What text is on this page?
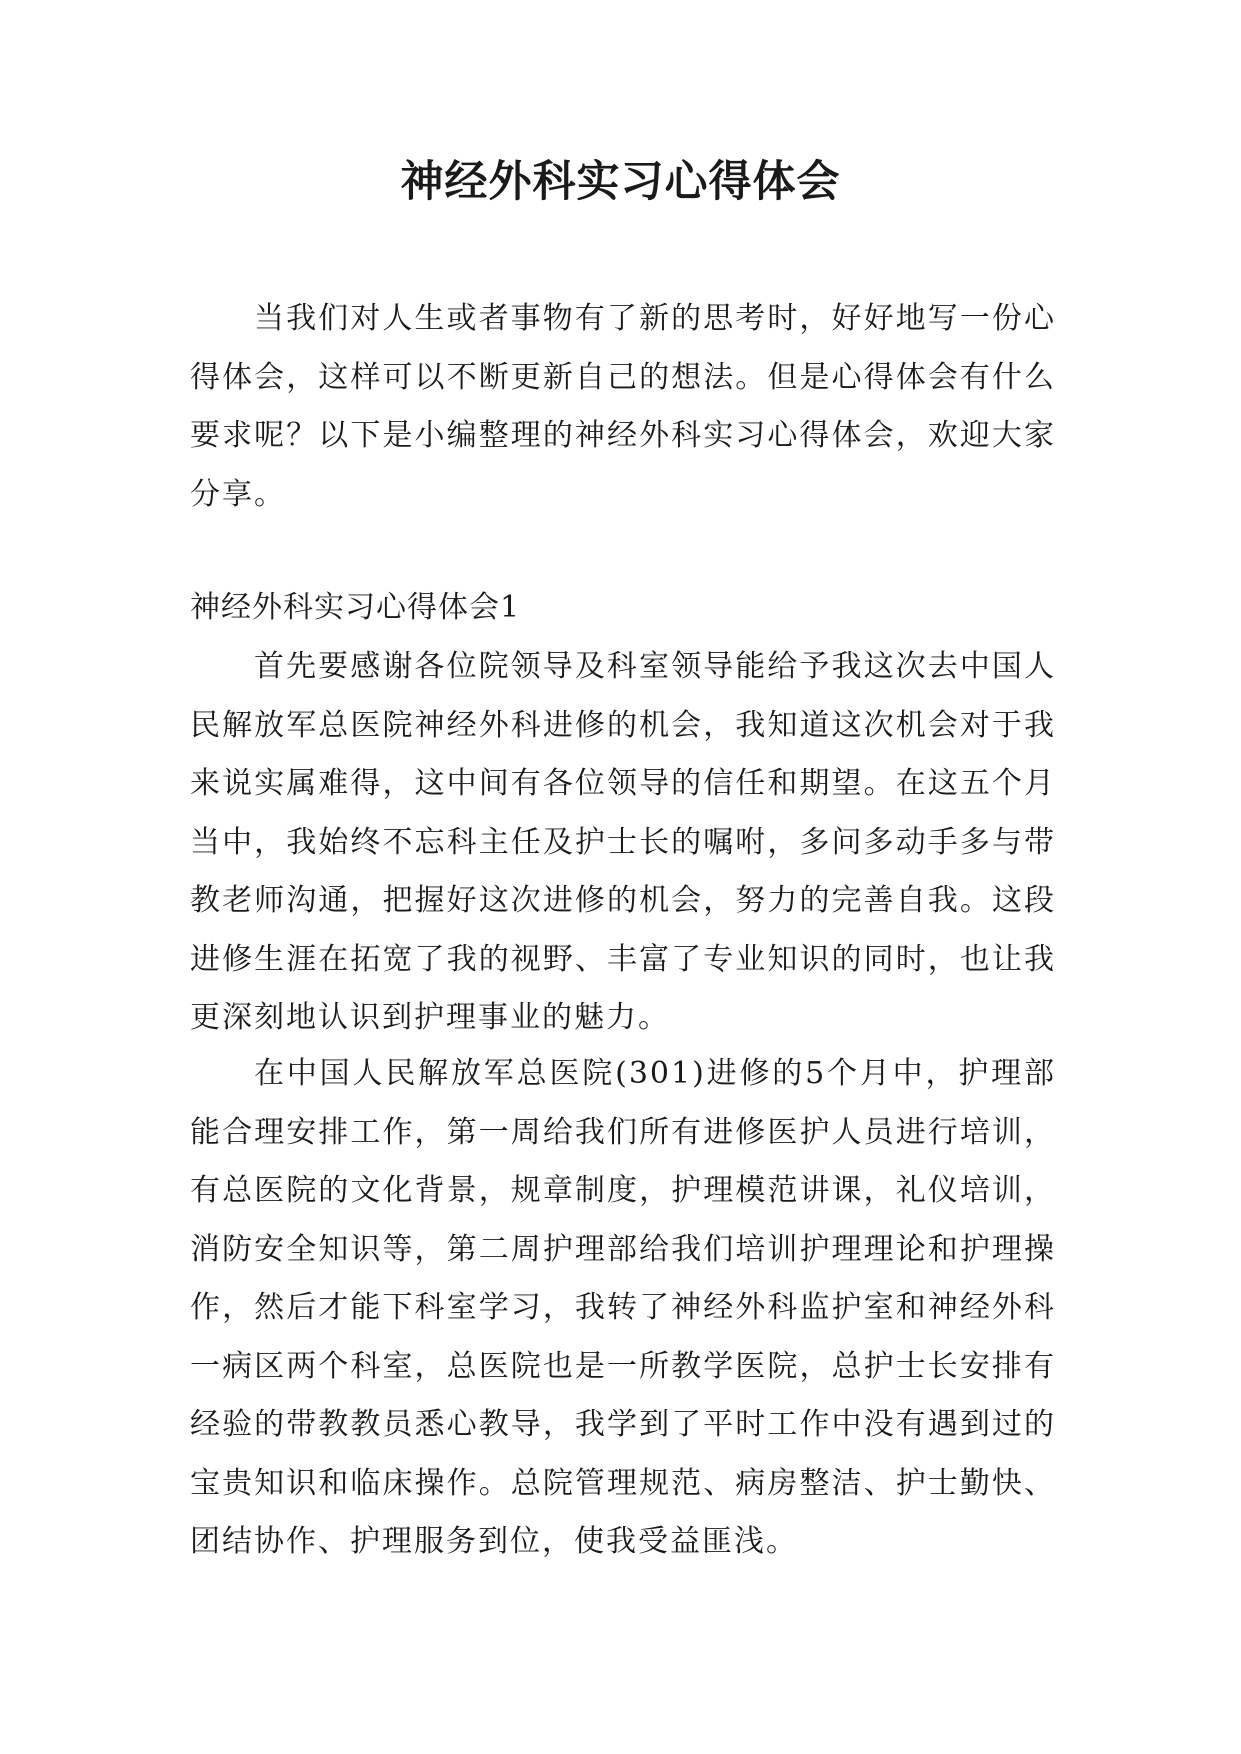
神经外科实习心得体会

当我们对人生或者事物有了新的思考时，好好地写一份心得体会，这样可以不断更新自己的想法。但是心得体会有什么要求呢？以下是小编整理的神经外科实习心得体会，欢迎大家分享。

神经外科实习心得体会1

首先要感谢各位院领导及科室领导能给予我这次去中国人民解放军总医院神经外科进修的机会，我知道这次机会对于我来说实属难得，这中间有各位领导的信任和期望。在这五个月当中，我始终不忘科主任及护士长的嘱咐，多问多动手多与带教老师沟通，把握好这次进修的机会，努力的完善自我。这段进修生涯在拓宽了我的视野、丰富了专业知识的同时，也让我更深刻地认识到护理事业的魅力。

在中国人民解放军总医院(301)进修的5个月中，护理部能合理安排工作，第一周给我们所有进修医护人员进行培训，有总医院的文化背景，规章制度，护理模范讲课，礼仪培训，消防安全知识等，第二周护理部给我们培训护理理论和护理操作，然后才能下科室学习，我转了神经外科监护室和神经外科一病区两个科室，总医院也是一所教学医院，总护士长安排有经验的带教教员悉心教导，我学到了平时工作中没有遇到过的宝贵知识和临床操作。总院管理规范、病房整洁、护士勤快、团结协作、护理服务到位，使我受益匪浅。
